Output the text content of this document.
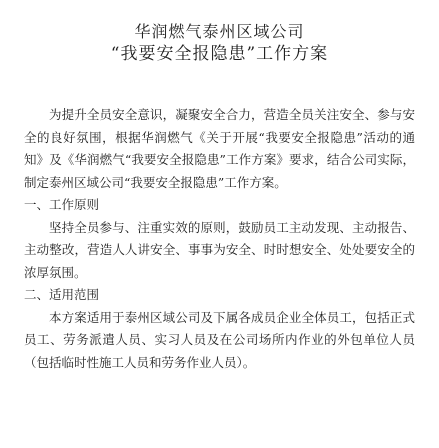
华润燃气泰州区域公司
“我要安全报隐患”工作方案

为提升全员安全意识，凝聚安全合力，营造全员关注安全、参与安全的良好氛围，根据华润燃气《关于开展“我要安全报隐患”活动的通知》及《华润燃气“我要安全报隐患”工作方案》要求，结合公司实际，制定泰州区域公司“我要安全报隐患”工作方案。

一、工作原则

坚持全员参与、注重实效的原则，鼓励员工主动发现、主动报告、主动整改，营造人人讲安全、事事为安全、时时想安全、处处要安全的浓厚氛围。

二、适用范围

本方案适用于泰州区域公司及下属各成员企业全体员工，包括正式员工、劳务派遣人员、实习人员及在公司场所内作业的外包单位人员（包括临时性施工人员和劳务作业人员）。
